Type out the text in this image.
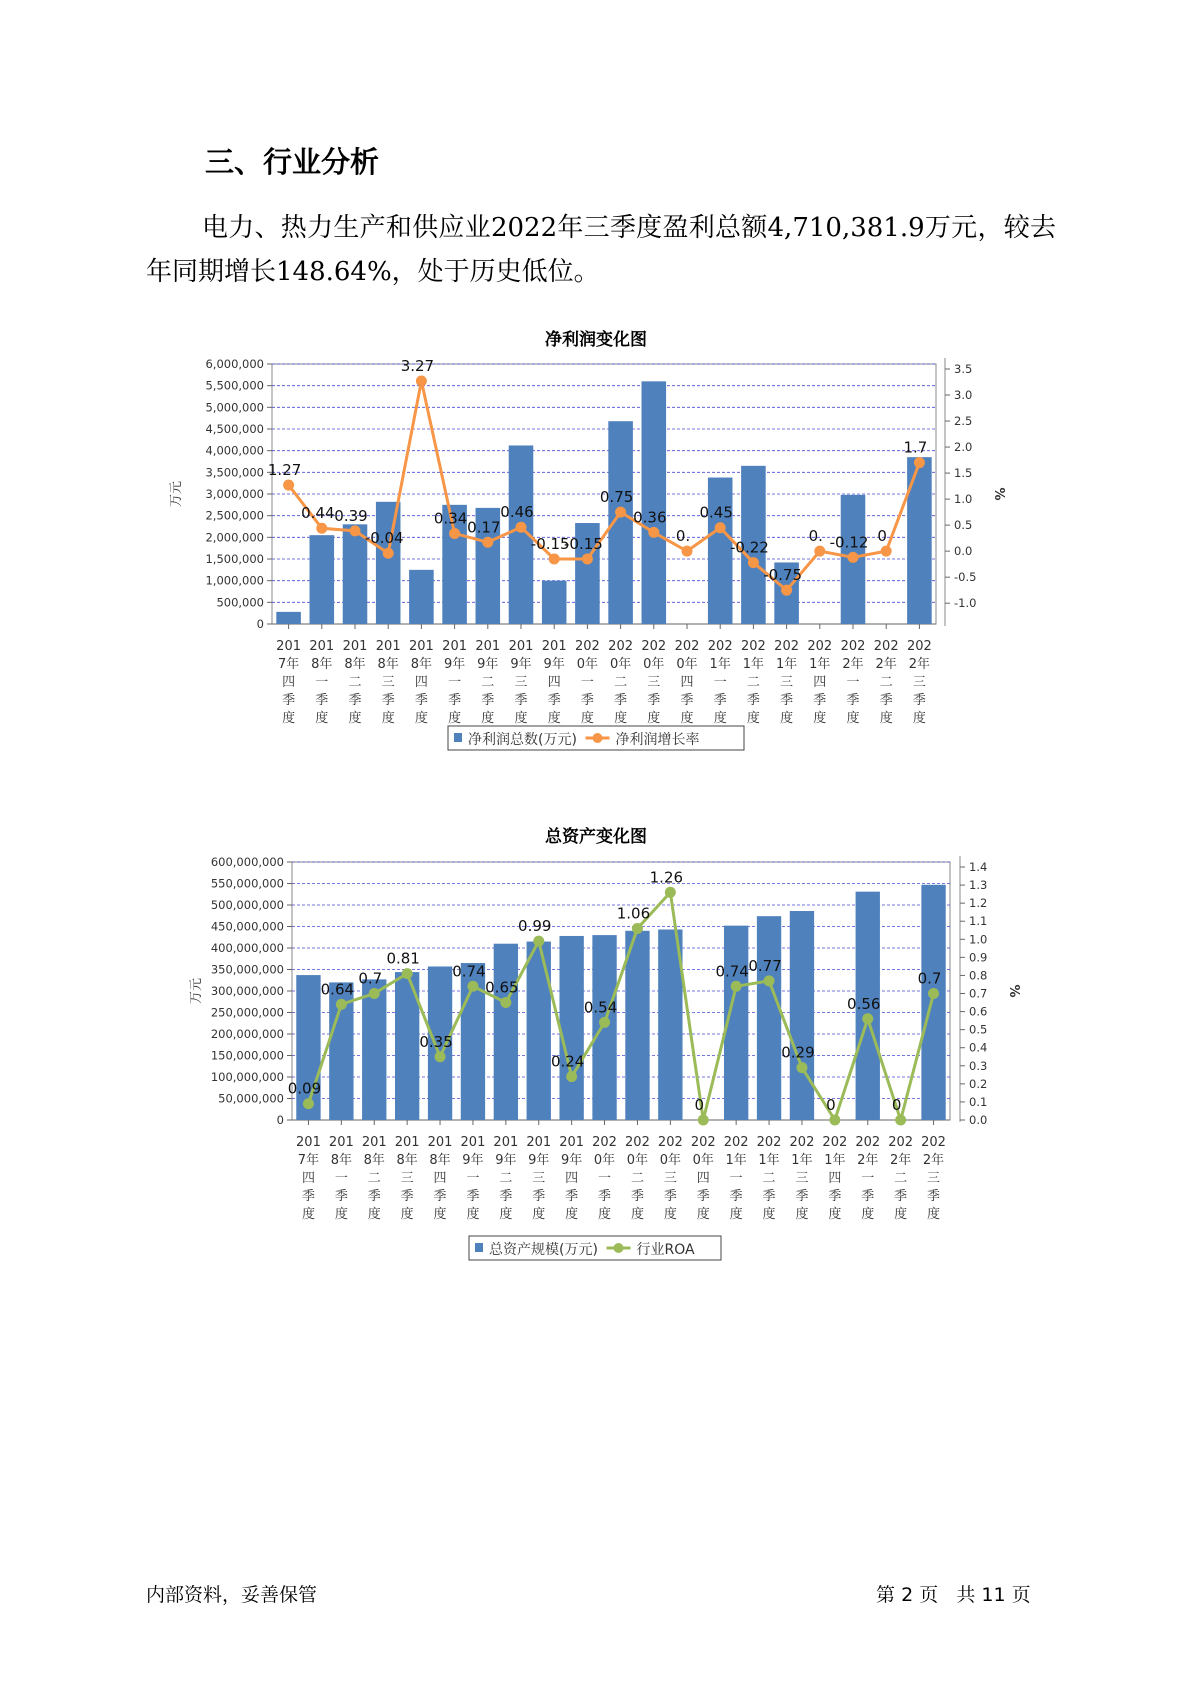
三、行业分析

电力、热力生产和供应业2022年三季度盈利总额4,710,381.9万元，较去年同期增长148.64%，处于历史低位。

净利润变化图
0
500,000
1,000,000
1,500,000
2,000,000
2,500,000
3,000,000
3,500,000
4,000,000
4,500,000
5,000,000
5,500,000
6,000,000
万元
-1.0
-0.5
0.0
0.5
1.0
1.5
2.0
2.5
3.0
3.5
%
201
7年
四
季
度
201
8年
一
季
度
201
8年
二
季
度
201
8年
三
季
度
201
8年
四
季
度
201
9年
一
季
度
201
9年
二
季
度
201
9年
三
季
度
201
9年
四
季
度
202
0年
一
季
度
202
0年
二
季
度
202
0年
三
季
度
202
0年
四
季
度
202
1年
一
季
度
202
1年
二
季
度
202
1年
三
季
度
202
1年
四
季
度
202
2年
一
季
度
202
2年
二
季
度
202
2年
三
季
度
1.27
0.44 0.39
-0.04
3.27
0.34 0.17
0.46
-0.15
-0.15
0.75
0.36
0.
0.45
-0.22
-0.75
0. -0.12 0
1.7
净利润总数(万元)	净利润增长率
总资产变化图
0
50,000,000
100,000,000
150,000,000
200,000,000
250,000,000
300,000,000
350,000,000
400,000,000
450,000,000
500,000,000
550,000,000
600,000,000
万元
0.0
0.1
0.2
0.3
0.4
0.5
0.6
0.7
0.8
0.9
1.0
1.1
1.2
1.3
1.4
%
201
7年
四
季
度
201
8年
一
季
度
201
8年
二
季
度
201
8年
三
季
度
201
8年
四
季
度
201
9年
一
季
度
201
9年
二
季
度
201
9年
三
季
度
201
9年
四
季
度
202
0年
一
季
度
202
0年
二
季
度
202
0年
三
季
度
202
0年
四
季
度
202
1年
一
季
度
202
1年
二
季
度
202
1年
三
季
度
202
1年
四
季
度
202
2年
一
季
度
202
2年
二
季
度
202
2年
三
季
度
0.09
0.64
0.7
0.81
0.35
0.74
0.65
0.99
0.24
0.54
1.06
1.26
0
0.74 0.77
0.29
0
0.56
0
0.7
总资产规模(万元)	行业ROA
内部资料，妥善保管	第 2 页 共 11 页
